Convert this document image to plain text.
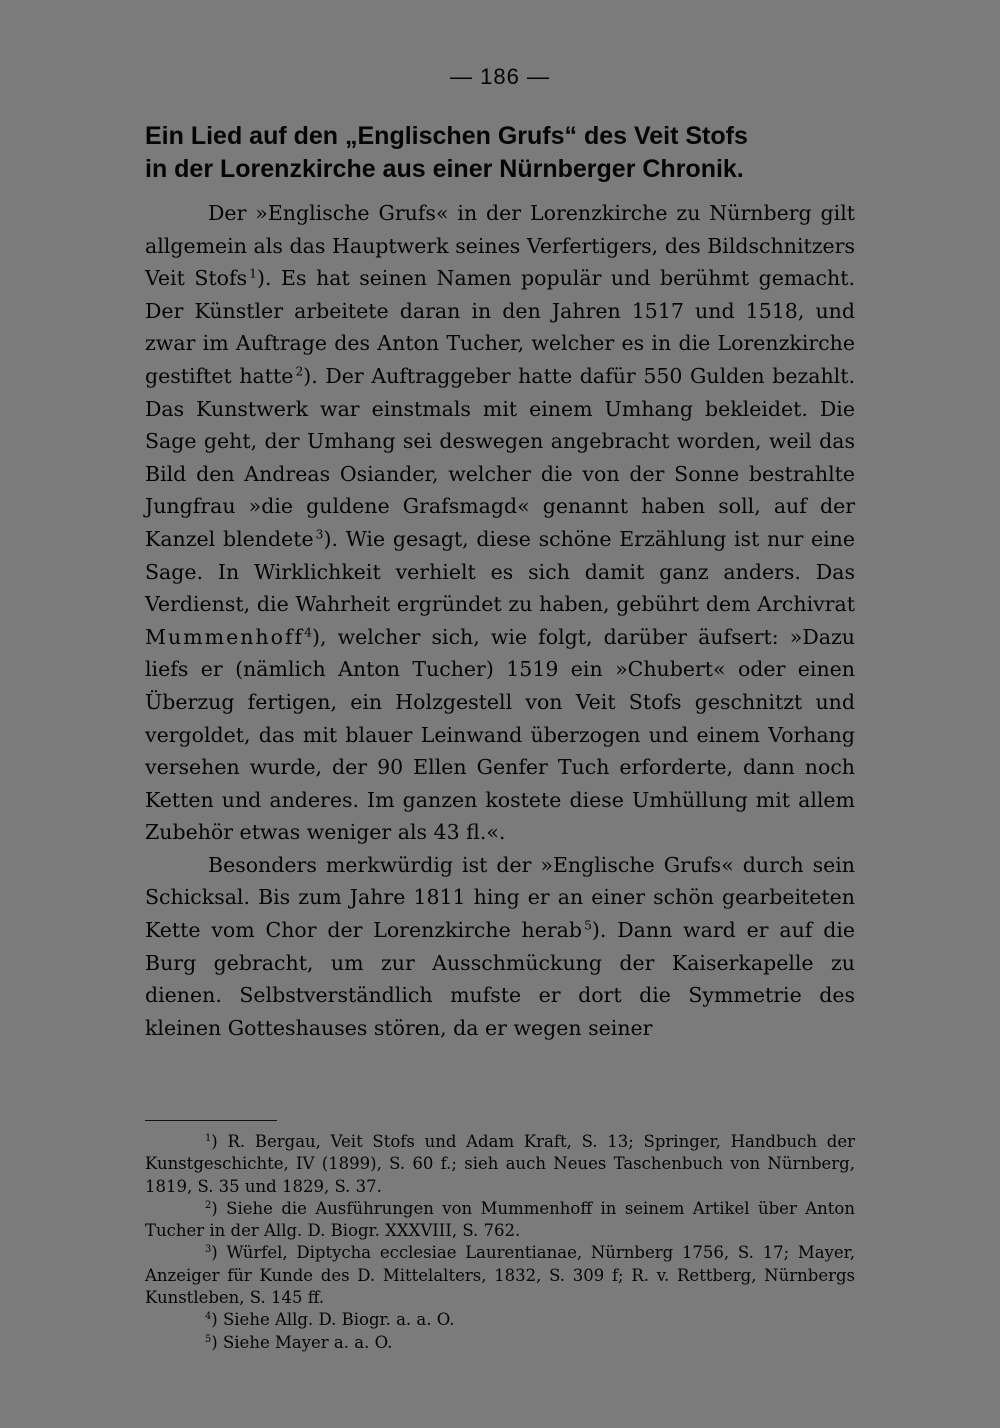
— 186 —
Ein Lied auf den „Englischen Grufs“ des Veit Stofs
in der Lorenzkirche aus einer Nürnberger Chronik.

Der »Englische Grufs« in der Lorenzkirche zu Nürnberg gilt allgemein als das Hauptwerk seines Verfertigers, des Bildschnitzers Veit Stofs  $^1$). Es hat seinen Namen populär und berühmt gemacht. Der Künstler arbeitete daran in den Jahren 1517 und 1518, und zwar im Auftrage des Anton Tucher, welcher es in die Lorenzkirche gestiftet hatte  $^2$). Der Auftraggeber hatte dafür 550 Gulden bezahlt. Das Kunstwerk war einstmals mit einem Umhang bekleidet. Die Sage geht, der Umhang sei deswegen angebracht worden, weil das Bild den Andreas Osiander, welcher die von der Sonne bestrahlte Jungfrau »die guldene Grafsmagd« genannt haben soll, auf der Kanzel blendete  $^3$). Wie gesagt, diese schöne Erzählung ist nur eine Sage. In Wirklichkeit verhielt es sich damit ganz anders. Das Verdienst, die Wahrheit ergründet zu haben, gebührt dem Archivrat Mummenhoff$^4$), welcher sich, wie folgt, darüber äufsert: »Dazu liefs er (nämlich Anton Tucher) 1519 ein »Chubert« oder einen Überzug fertigen, ein Holzgestell von Veit Stofs geschnitzt und vergoldet, das mit blauer Leinwand überzogen und einem Vorhang versehen wurde, der 90 Ellen Genfer Tuch erforderte, dann noch Ketten und anderes. Im ganzen kostete diese Umhüllung mit allem Zubehör etwas weniger als 43 fl.«.

Besonders merkwürdig ist der »Englische Grufs« durch sein Schicksal. Bis zum Jahre 1811 hing er an einer schön gearbeiteten Kette vom Chor der Lorenzkirche herab  $^5$). Dann ward er auf die Burg gebracht, um zur Ausschmückung der Kaiserkapelle zu dienen. Selbstverständlich mufste er dort die Symmetrie des kleinen Gotteshauses stören, da er wegen seiner

$^1$) R. Bergau, Veit Stofs und Adam Kraft, S. 13; Springer, Handbuch der Kunstgeschichte, IV (1899), S. 60 f.; sieh auch Neues Taschenbuch von Nürnberg, 1819, S. 35 und 1829, S. 37.

$^2$) Siehe die Ausführungen von Mummenhoff in seinem Artikel über Anton Tucher in der Allg. D. Biogr. XXXVIII, S. 762.

$^3$) Würfel, Diptycha ecclesiae Laurentianae, Nürnberg 1756, S. 17; Mayer, Anzeiger für Kunde des D. Mittelalters, 1832, S. 309 f; R. v. Rettberg, Nürnbergs Kunstleben, S. 145 ff.

$^4$) Siehe Allg. D. Biogr. a. a. O.

$^5$) Siehe Mayer a. a. O.
